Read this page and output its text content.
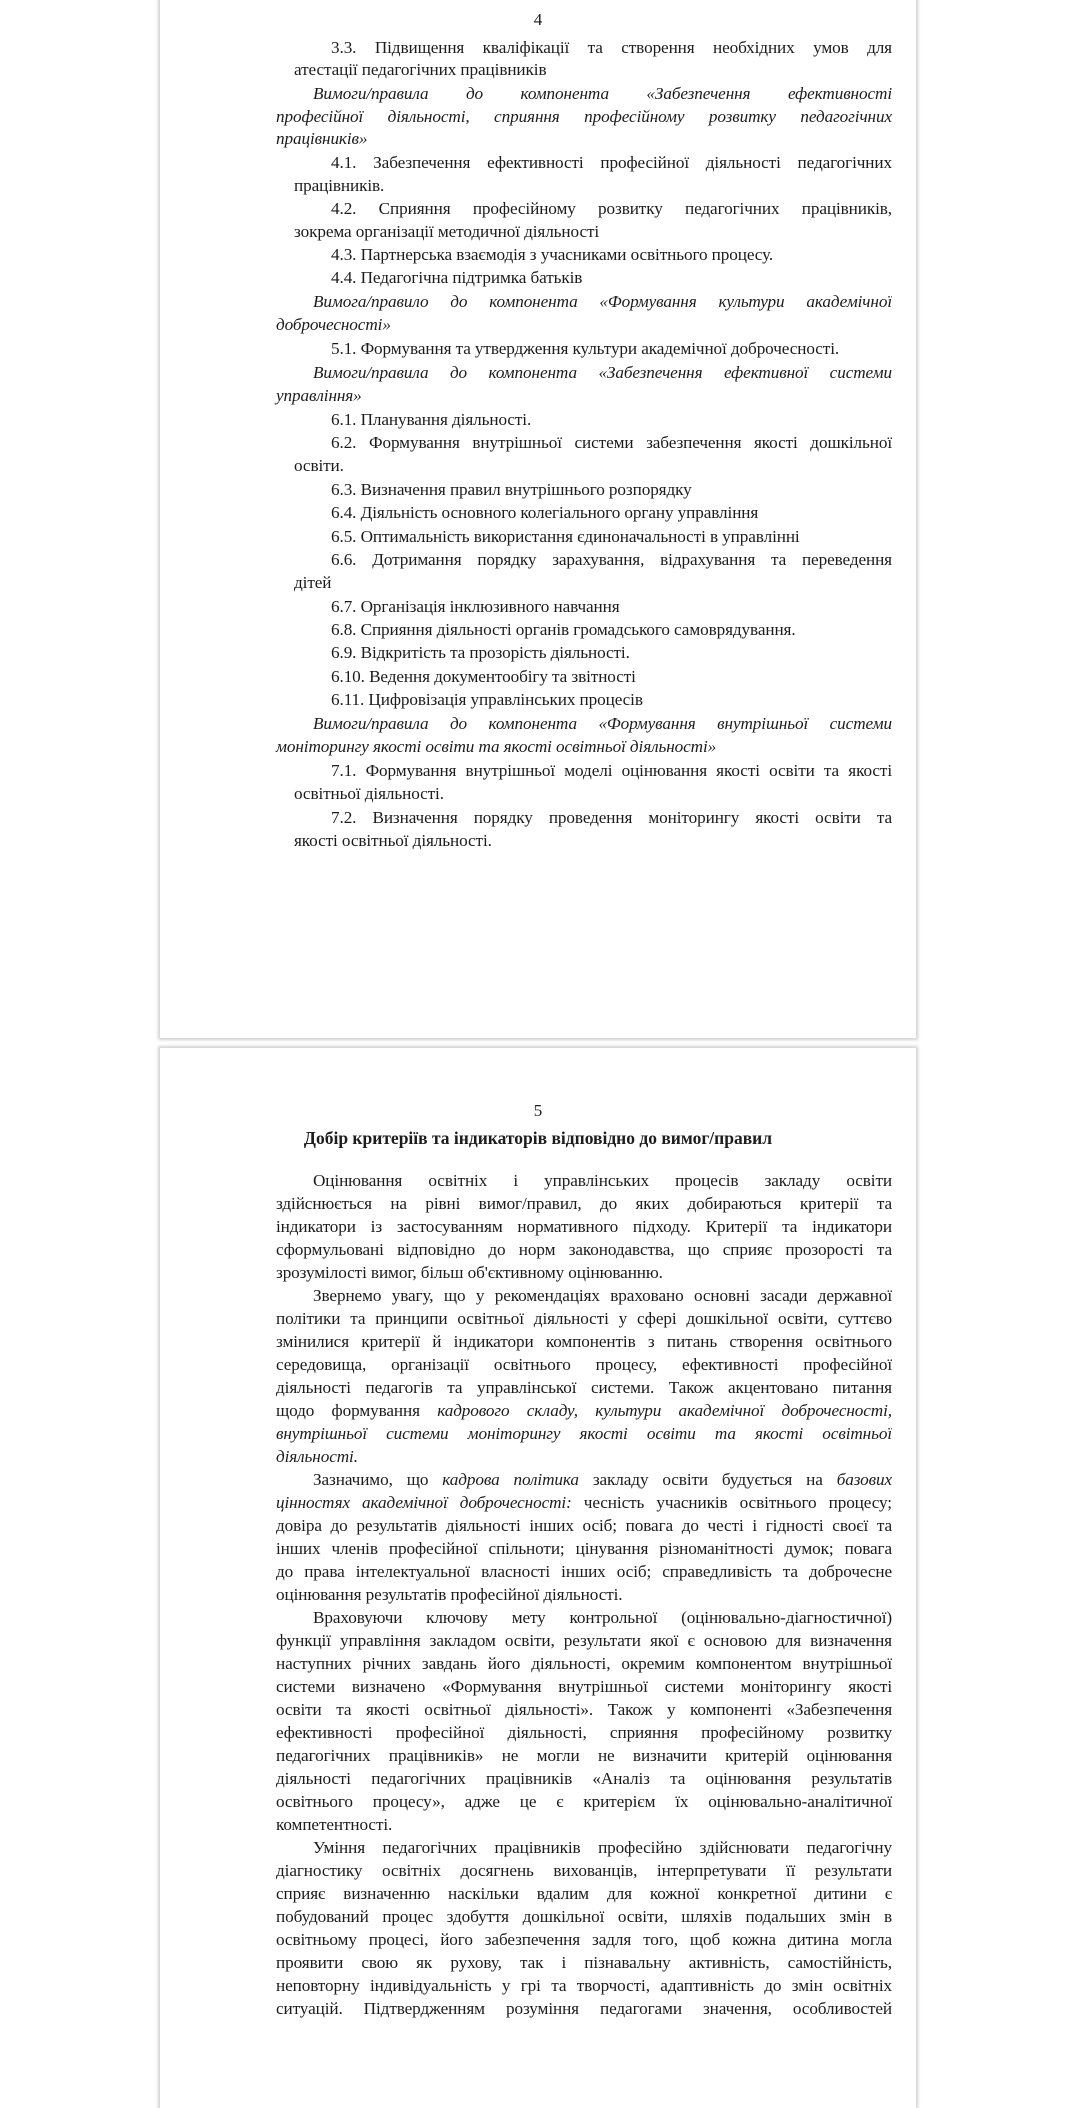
4
3.3. Підвищення кваліфікації та створення необхідних умов для
атестації педагогічних працівників
Вимоги/правила до компонента «Забезпечення ефективності
професійної діяльності, сприяння професійному розвитку педагогічних
працівників»
4.1. Забезпечення ефективності професійної діяльності педагогічних
працівників.
4.2. Сприяння професійному розвитку педагогічних працівників,
зокрема організації методичної діяльності
4.3. Партнерська взаємодія з учасниками освітнього процесу.
4.4. Педагогічна підтримка батьків
Вимога/правило до компонента «Формування культури академічної
доброчесності»
5.1. Формування та утвердження культури академічної доброчесності.
Вимоги/правила до компонента «Забезпечення ефективної системи
управління»
6.1. Планування діяльності.
6.2. Формування внутрішньої системи забезпечення якості дошкільної
освіти.
6.3. Визначення правил внутрішнього розпорядку
6.4. Діяльність основного колегіального органу управління
6.5. Оптимальність використання єдиноначальності в управлінні
6.6. Дотримання порядку зарахування, відрахування та переведення
дітей
6.7. Організація інклюзивного навчання
6.8. Сприяння діяльності органів громадського самоврядування.
6.9. Відкритість та прозорість діяльності.
6.10. Ведення документообігу та звітності
6.11. Цифровізація управлінських процесів
Вимоги/правила до компонента «Формування внутрішньої системи
моніторингу якості освіти та якості освітньої діяльності»
7.1. Формування внутрішньої моделі оцінювання якості освіти та якості
освітньої діяльності.
7.2. Визначення порядку проведення моніторингу якості освіти та
якості освітньої діяльності.
5
Добір критеріїв та індикаторів відповідно до вимог/правил
Оцінювання освітніх і управлінських процесів закладу освіти
здійснюється на рівні вимог/правил, до яких добираються критерії та
індикатори із застосуванням нормативного підходу. Критерії та індикатори
сформульовані відповідно до норм законодавства, що сприяє прозорості та
зрозумілості вимог, більш об'єктивному оцінюванню.
Звернемо увагу, що у рекомендаціях враховано основні засади державної
політики та принципи освітньої діяльності у сфері дошкільної освіти, суттєво
змінилися критерії й індикатори компонентів з питань створення освітнього
середовища, організації освітнього процесу, ефективності професійної
діяльності педагогів та управлінської системи. Також акцентовано питання
щодо формування кадрового складу, культури академічної доброчесності,
внутрішньої системи моніторингу якості освіти та якості освітньої
діяльності.
Зазначимо, що кадрова політика закладу освіти будується на базових
цінностях академічної доброчесності: чесність учасників освітнього процесу;
довіра до результатів діяльності інших осіб; повага до честі і гідності своєї та
інших членів професійної спільноти; цінування різноманітності думок; повага
до права інтелектуальної власності інших осіб; справедливість та доброчесне
оцінювання результатів професійної діяльності.
Враховуючи ключову мету контрольної (оцінювально-діагностичної)
функції управління закладом освіти, результати якої є основою для визначення
наступних річних завдань його діяльності, окремим компонентом внутрішньої
системи визначено «Формування внутрішньої системи моніторингу якості
освіти та якості освітньої діяльності». Також у компоненті «Забезпечення
ефективності професійної діяльності, сприяння професійному розвитку
педагогічних працівників» не могли не визначити критерій оцінювання
діяльності педагогічних працівників «Аналіз та оцінювання результатів
освітнього процесу», адже це є критерієм їх оцінювально-аналітичної
компетентності.
Уміння педагогічних працівників професійно здійснювати педагогічну
діагностику освітніх досягнень вихованців, інтерпретувати її результати
сприяє визначенню наскільки вдалим для кожної конкретної дитини є
побудований процес здобуття дошкільної освіти, шляхів подальших змін в
освітньому процесі, його забезпечення задля того, щоб кожна дитина могла
проявити свою як рухову, так і пізнавальну активність, самостійність,
неповторну індивідуальність у грі та творчості, адаптивність до змін освітніх
ситуацій. Підтвердженням розуміння педагогами значення, особливостей
